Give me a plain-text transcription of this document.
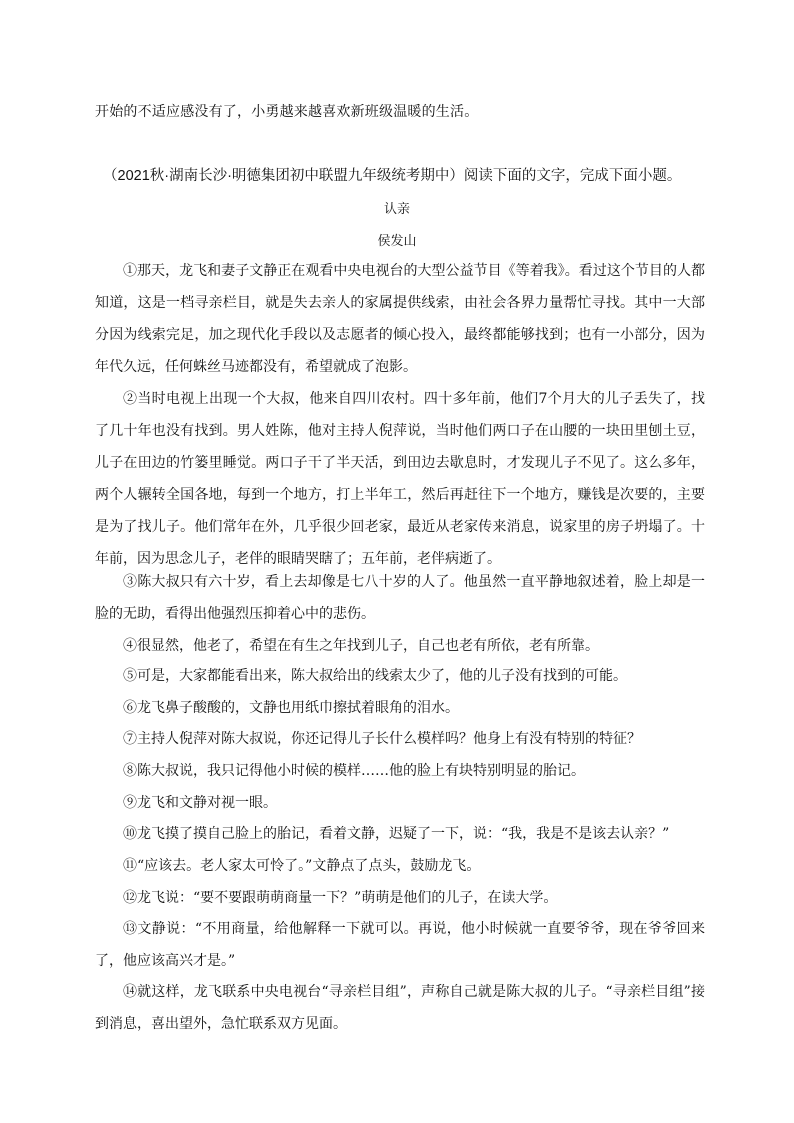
开始的不适应感没有了，小勇越来越喜欢新班级温暖的生活。
（2021秋·湖南长沙·明德集团初中联盟九年级统考期中）阅读下面的文字，完成下面小题。
认亲
侯发山
①那天，龙飞和妻子文静正在观看中央电视台的大型公益节目《等着我》。看过这个节目的人都知道，这是一档寻亲栏目，就是失去亲人的家属提供线索，由社会各界力量帮忙寻找。其中一大部分因为线索完足，加之现代化手段以及志愿者的倾心投入，最终都能够找到；也有一小部分，因为年代久远，任何蛛丝马迹都没有，希望就成了泡影。
②当时电视上出现一个大叔，他来自四川农村。四十多年前，他们7个月大的儿子丢失了，找了几十年也没有找到。男人姓陈，他对主持人倪萍说，当时他们两口子在山腰的一块田里刨土豆，儿子在田边的竹篓里睡觉。两口子干了半天活，到田边去歇息时，才发现儿子不见了。这么多年，两个人辗转全国各地，每到一个地方，打上半年工，然后再赶往下一个地方，赚钱是次要的，主要是为了找儿子。他们常年在外，几乎很少回老家，最近从老家传来消息，说家里的房子坍塌了。十年前，因为思念儿子，老伴的眼睛哭瞎了；五年前，老伴病逝了。
③陈大叔只有六十岁，看上去却像是七八十岁的人了。他虽然一直平静地叙述着，脸上却是一脸的无助，看得出他强烈压抑着心中的悲伤。
④很显然，他老了，希望在有生之年找到儿子，自己也老有所依，老有所靠。
⑤可是，大家都能看出来，陈大叔给出的线索太少了，他的儿子没有找到的可能。
⑥龙飞鼻子酸酸的，文静也用纸巾擦拭着眼角的泪水。
⑦主持人倪萍对陈大叔说，你还记得儿子长什么模样吗？他身上有没有特别的特征？
⑧陈大叔说，我只记得他小时候的模样……他的脸上有块特别明显的胎记。
⑨龙飞和文静对视一眼。
⑩龙飞摸了摸自己脸上的胎记，看着文静，迟疑了一下，说：“我，我是不是该去认亲？”
⑪“应该去。老人家太可怜了。”文静点了点头，鼓励龙飞。
⑫龙飞说：“要不要跟萌萌商量一下？”萌萌是他们的儿子，在读大学。
⑬文静说：“不用商量，给他解释一下就可以。再说，他小时候就一直要爷爷，现在爷爷回来了，他应该高兴才是。”
⑭就这样，龙飞联系中央电视台“寻亲栏目组”，声称自己就是陈大叔的儿子。“寻亲栏目组”接到消息，喜出望外，急忙联系双方见面。
